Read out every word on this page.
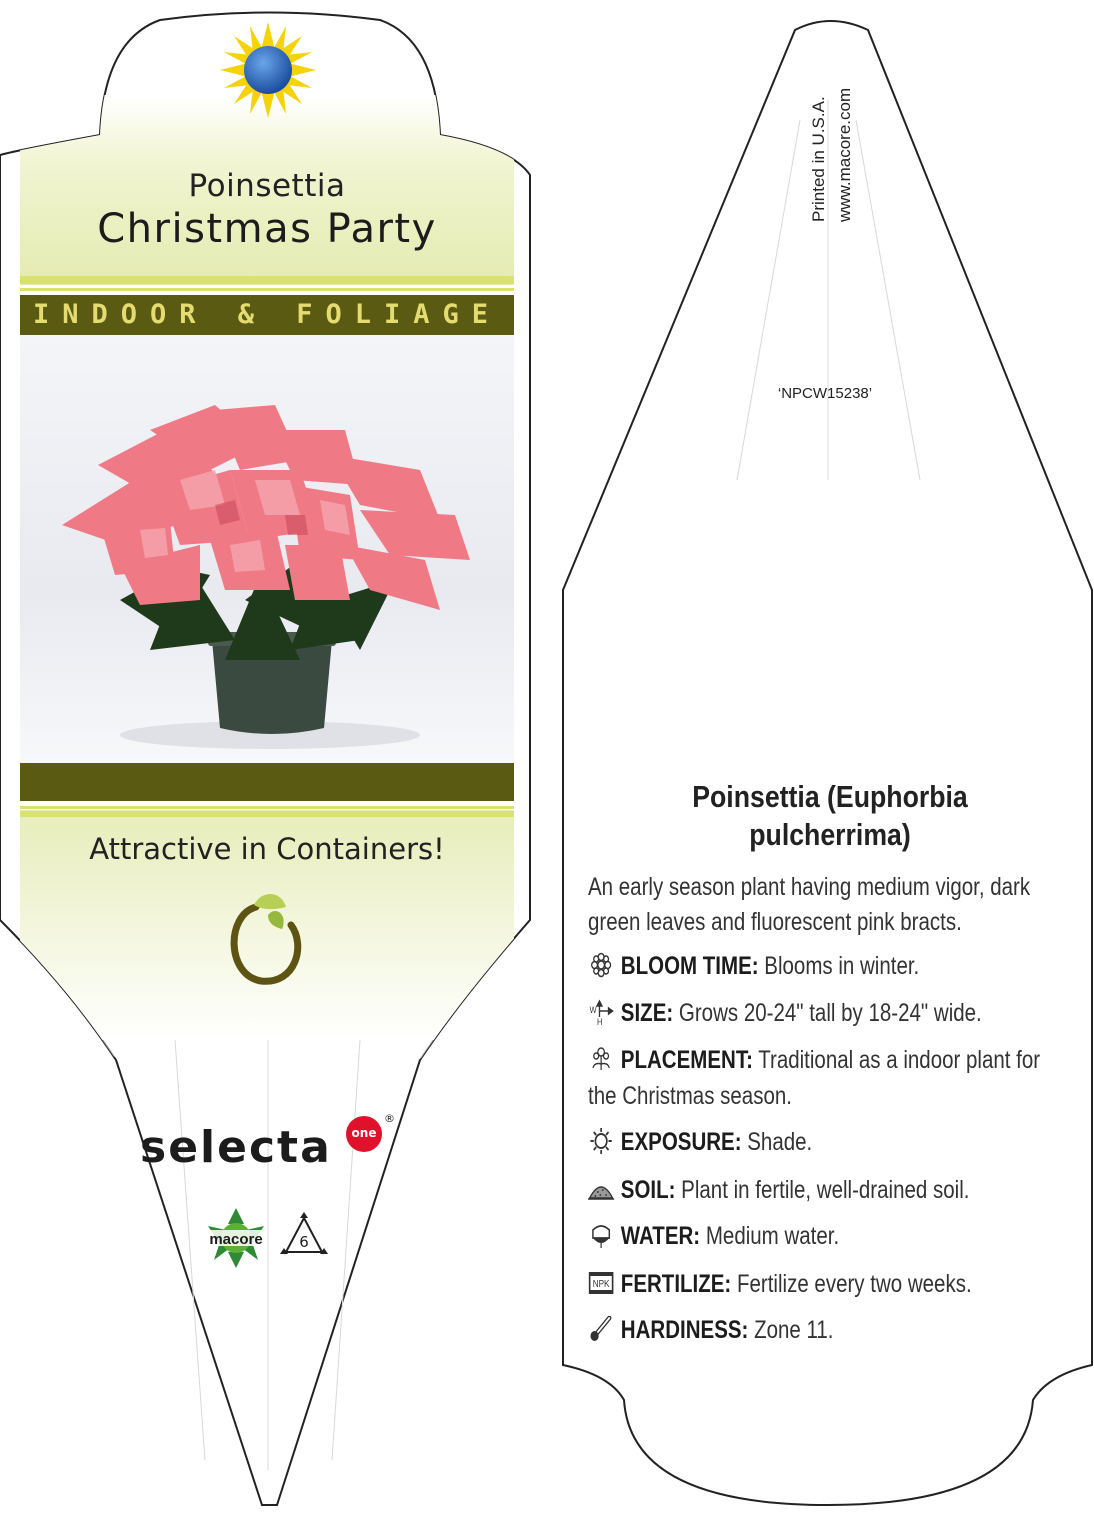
macore
Poinsettia
Christmas Party
INDOOR & FOLIAGE
Attractive in Containers!
selecta	one
®
6
Printed in U.S.A. www.macore.com
‘NPCW15238’
Poinsettia (Euphorbia pulcherrima)
An early season plant having medium vigor, dark green leaves and fluorescent pink bracts.
BLOOM TIME: Blooms in winter.
W
H SIZE: Grows 20-24" tall by 18-24" wide.
PLACEMENT: Traditional as a indoor plant for the Christmas season.
EXPOSURE: Shade.
SOIL: Plant in fertile, well-drained soil.
WATER: Medium water.
NPK FERTILIZE: Fertilize every two weeks.
HARDINESS: Zone 11.
